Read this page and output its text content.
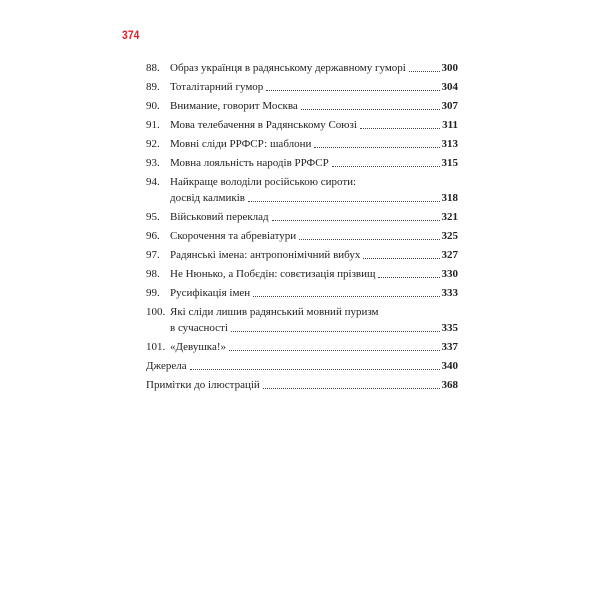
374
88. Образ українця в радянському державному гуморі	300
89. Тоталітарний гумор	304
90. Внимание, говорит Москва	307
91. Мова телебачення в Радянському Союзі	311
92. Мовні сліди РРФСР: шаблони	313
93. Мовна лояльність народів РРФСР	315
94. Найкраще володіли російською сироти:
досвід калмиків	318
95. Військовий переклад	321
96. Скорочення та абревіатури	325
97. Радянські імена: антропонімічний вибух	327
98. Не Нюнько, а Побєдін: совєтизація прізвищ	330
99. Русифікація імен	333
100. Які сліди лишив радянський мовний пуризм
в сучасності	335
101. «Девушка!»	337
Джерела	340
Примітки до ілюстрацій	368
